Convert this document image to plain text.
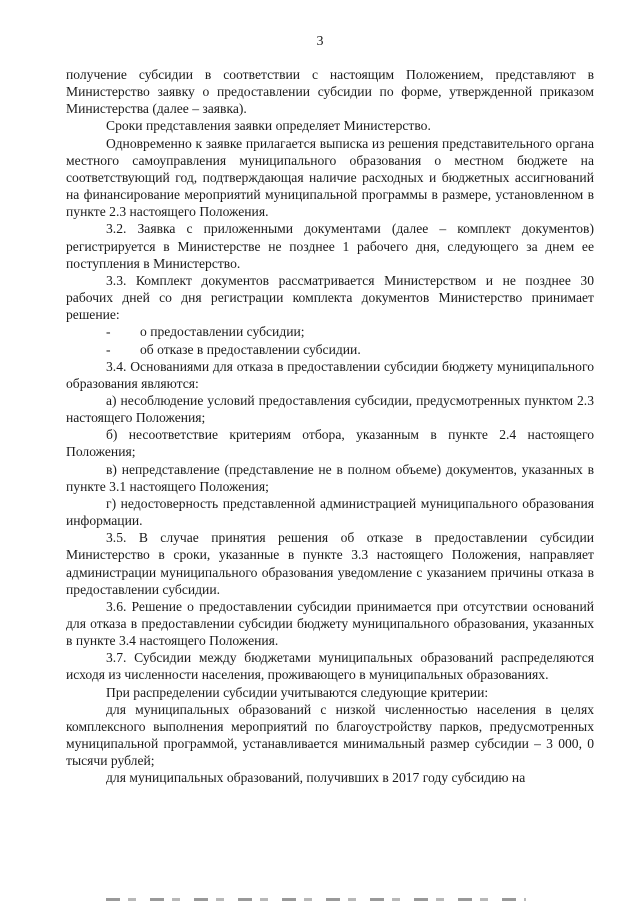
3

получение субсидии в соответствии с настоящим Положением, представляют в Министерство заявку о предоставлении субсидии по форме, утвержденной приказом Министерства (далее – заявка).

Сроки представления заявки определяет Министерство.

Одновременно к заявке прилагается выписка из решения представительного органа местного самоуправления муниципального образования о местном бюджете на соответствующий год, подтверждающая наличие расходных и бюджетных ассигнований на финансирование мероприятий муниципальной программы в размере, установленном в пункте 2.3 настоящего Положения.

3.2. Заявка с приложенными документами (далее – комплект документов) регистрируется в Министерстве не позднее 1 рабочего дня, следующего за днем ее поступления в Министерство.

3.3. Комплект документов рассматривается Министерством и не позднее 30 рабочих дней со дня регистрации комплекта документов Министерство принимает решение:

- о предоставлении субсидии;

- об отказе в предоставлении субсидии.

3.4. Основаниями для отказа в предоставлении субсидии бюджету муниципального образования являются:

а) несоблюдение условий предоставления субсидии, предусмотренных пунктом 2.3 настоящего Положения;

б) несоответствие критериям отбора, указанным в пункте 2.4 настоящего Положения;

в) непредставление (представление не в полном объеме) документов, указанных в пункте 3.1 настоящего Положения;

г) недостоверность представленной администрацией муниципального образования информации.

3.5. В случае принятия решения об отказе в предоставлении субсидии Министерство в сроки, указанные в пункте 3.3 настоящего Положения, направляет администрации муниципального образования уведомление с указанием причины отказа в предоставлении субсидии.

3.6. Решение о предоставлении субсидии принимается при отсутствии оснований для отказа в предоставлении субсидии бюджету муниципального образования, указанных в пункте 3.4 настоящего Положения.

3.7. Субсидии между бюджетами муниципальных образований распределяются исходя из численности населения, проживающего в муниципальных образованиях.

При распределении субсидии учитываются следующие критерии:

для муниципальных образований с низкой численностью населения в целях комплексного выполнения мероприятий по благоустройству парков, предусмотренных муниципальной программой, устанавливается минимальный размер субсидии – 3 000, 0 тысячи рублей;

для муниципальных образований, получивших в 2017 году субсидию на
